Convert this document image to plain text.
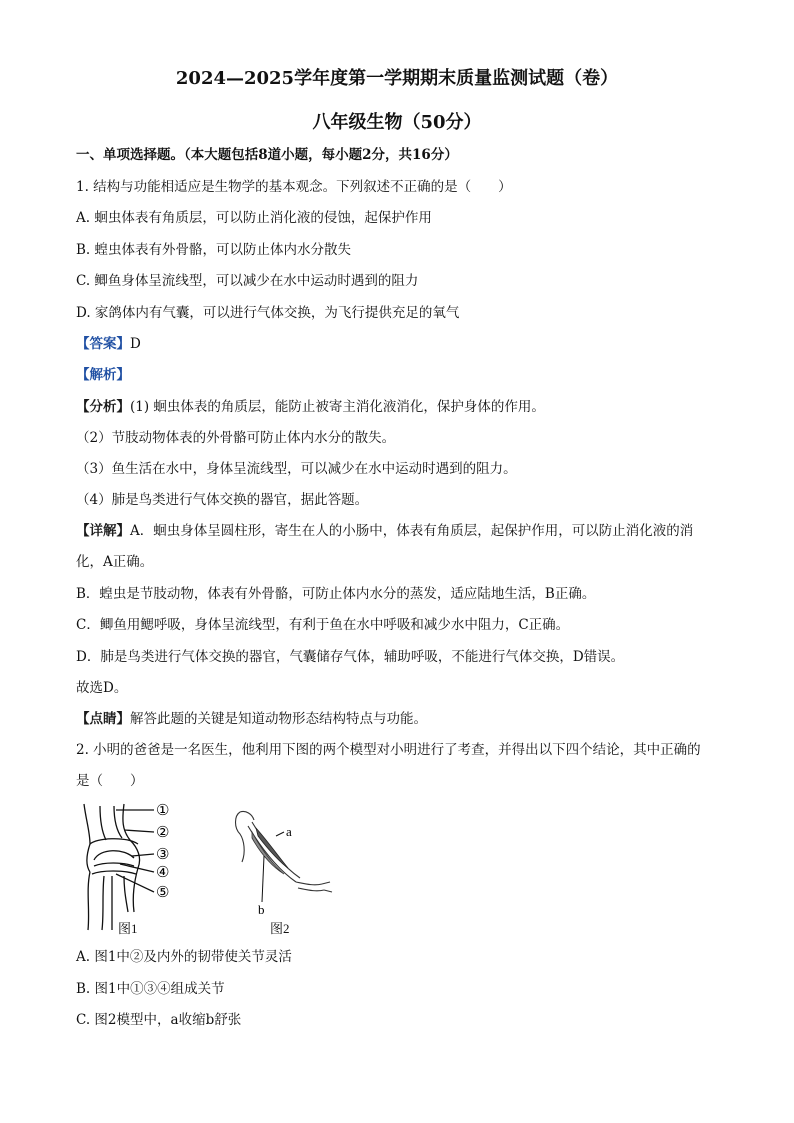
2024—2025学年度第一学期期末质量监测试题（卷）
八年级生物（50分）
一、单项选择题。（本大题包括8道小题，每小题2分，共16分）
1. 结构与功能相适应是生物学的基本观念。下列叙述不正确的是（　　）
A. 蛔虫体表有角质层，可以防止消化液的侵蚀，起保护作用
B. 蝗虫体表有外骨骼，可以防止体内水分散失
C. 鲫鱼身体呈流线型，可以减少在水中运动时遇到的阻力
D. 家鸽体内有气囊，可以进行气体交换，为飞行提供充足的氧气
【答案】D
【解析】
【分析】(1) 蛔虫体表的角质层，能防止被寄主消化液消化，保护身体的作用。
（2）节肢动物体表的外骨骼可防止体内水分的散失。
（3）鱼生活在水中，身体呈流线型，可以减少在水中运动时遇到的阻力。
（4）肺是鸟类进行气体交换的器官，据此答题。
【详解】A．蛔虫身体呈圆柱形，寄生在人的小肠中，体表有角质层，起保护作用，可以防止消化液的消
化，A正确。
B．蝗虫是节肢动物，体表有外骨骼，可防止体内水分的蒸发，适应陆地生活，B正确。
C．鲫鱼用鳃呼吸，身体呈流线型，有利于鱼在水中呼吸和减少水中阻力，C正确。
D．肺是鸟类进行气体交换的器官，气囊储存气体，辅助呼吸，不能进行气体交换，D错误。
故选D。
【点睛】解答此题的关键是知道动物形态结构特点与功能。
2. 小明的爸爸是一名医生，他利用下图的两个模型对小明进行了考查，并得出以下四个结论，其中正确的
是（　　）
①
②
③
④
⑤
图1
a
b
图2
A. 图1中②及内外的韧带使关节灵活
B. 图1中①③④组成关节
C. 图2模型中，a收缩b舒张
